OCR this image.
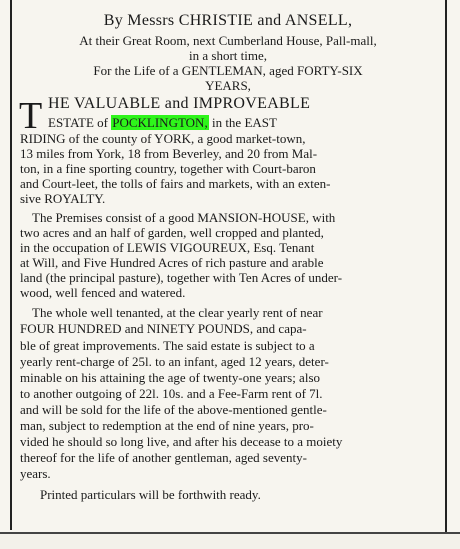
By Messrs CHRISTIE and ANSELL,
At their Great Room, next Cumberland House, Pall-mall,
in a short time,
For the Life of a GENTLEMAN, aged FORTY-SIX
YEARS,
T HE VALUABLE and IMPROVEABLE
ESTATE of POCKLINGTON, in the EAST
RIDING of the county of YORK, a good market-town,
13 miles from York, 18 from Beverley, and 20 from Mal-
ton, in a fine sporting country, together with Court-baron
and Court-leet, the tolls of fairs and markets, with an exten-
sive ROYALTY.
The Premises consist of a good MANSION-HOUSE, with
two acres and an half of garden, well cropped and planted,
in the occupation of LEWIS VIGOUREUX, Esq. Tenant
at Will, and Five Hundred Acres of rich pasture and arable
land (the principal pasture), together with Ten Acres of under-
wood, well fenced and watered.
The whole well tenanted, at the clear yearly rent of near
FOUR HUNDRED and NINETY POUNDS, and capa-
ble of great improvements. The said estate is subject to a
yearly rent-charge of 25l. to an infant, aged 12 years, deter-
minable on his attaining the age of twenty-one years; also
to another outgoing of 22l. 10s. and a Fee-Farm rent of 7l.
and will be sold for the life of the above-mentioned gentle-
man, subject to redemption at the end of nine years, pro-
vided he should so long live, and after his decease to a moiety
thereof for the life of another gentleman, aged seventy-
years.
Printed particulars will be forthwith ready.
